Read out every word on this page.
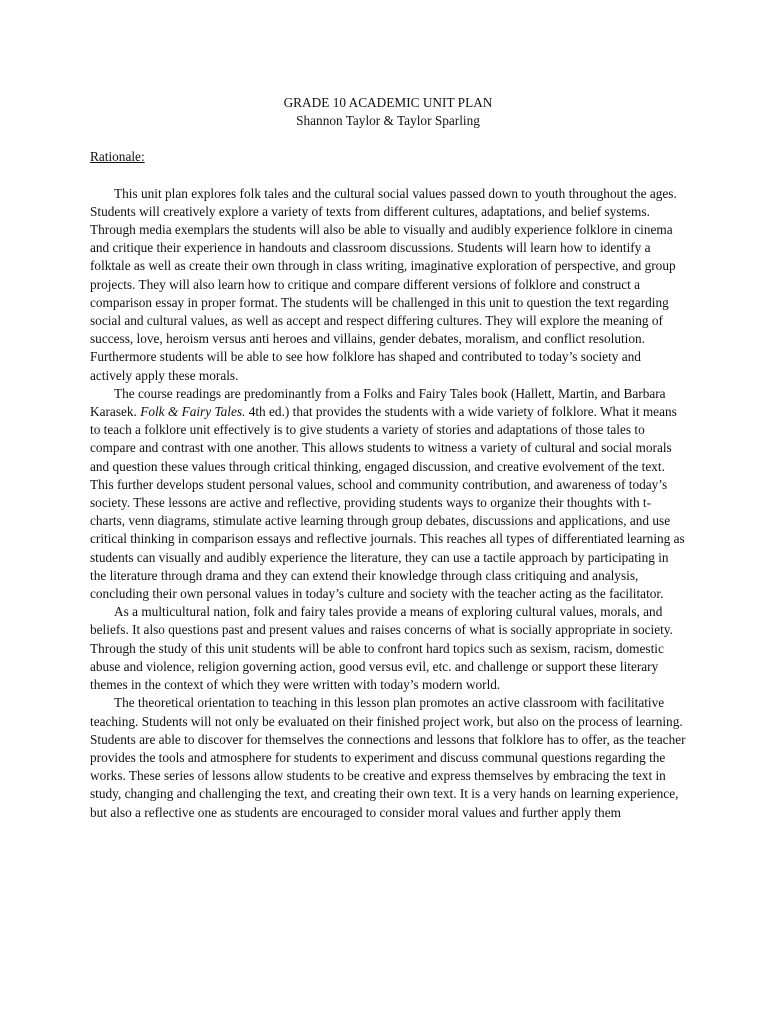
GRADE 10 ACADEMIC UNIT PLAN

Shannon Taylor & Taylor Sparling

Rationale:

This unit plan explores folk tales and the cultural social values passed down to youth throughout the ages. Students will creatively explore a variety of texts from different cultures, adaptations, and belief systems. Through media exemplars the students will also be able to visually and audibly experience folklore in cinema and critique their experience in handouts and classroom discussions. Students will learn how to identify a folktale as well as create their own through in class writing, imaginative exploration of perspective, and group projects. They will also learn how to critique and compare different versions of folklore and construct a comparison essay in proper format. The students will be challenged in this unit to question the text regarding social and cultural values, as well as accept and respect differing cultures. They will explore the meaning of success, love, heroism versus anti heroes and villains, gender debates, moralism, and conflict resolution. Furthermore students will be able to see how folklore has shaped and contributed to today’s society and actively apply these morals.

The course readings are predominantly from a Folks and Fairy Tales book (Hallett, Martin, and Barbara Karasek. Folk & Fairy Tales. 4th ed.) that provides the students with a wide variety of folklore. What it means to teach a folklore unit effectively is to give students a variety of stories and adaptations of those tales to compare and contrast with one another. This allows students to witness a variety of cultural and social morals and question these values through critical thinking, engaged discussion, and creative evolvement of the text. This further develops student personal values, school and community contribution, and awareness of today’s society. These lessons are active and reflective, providing students ways to organize their thoughts with t-charts, venn diagrams, stimulate active learning through group debates, discussions and applications, and use critical thinking in comparison essays and reflective journals. This reaches all types of differentiated learning as students can visually and audibly experience the literature, they can use a tactile approach by participating in the literature through drama and they can extend their knowledge through class critiquing and analysis, concluding their own personal values in today’s culture and society with the teacher acting as the facilitator.

As a multicultural nation, folk and fairy tales provide a means of exploring cultural values, morals, and beliefs. It also questions past and present values and raises concerns of what is socially appropriate in society. Through the study of this unit students will be able to confront hard topics such as sexism, racism, domestic abuse and violence, religion governing action, good versus evil, etc. and challenge or support these literary themes in the context of which they were written with today’s modern world.

The theoretical orientation to teaching in this lesson plan promotes an active classroom with facilitative teaching. Students will not only be evaluated on their finished project work, but also on the process of learning. Students are able to discover for themselves the connections and lessons that folklore has to offer, as the teacher provides the tools and atmosphere for students to experiment and discuss communal questions regarding the works. These series of lessons allow students to be creative and express themselves by embracing the text in study, changing and challenging the text, and creating their own text. It is a very hands on learning experience, but also a reflective one as students are encouraged to consider moral values and further apply them
